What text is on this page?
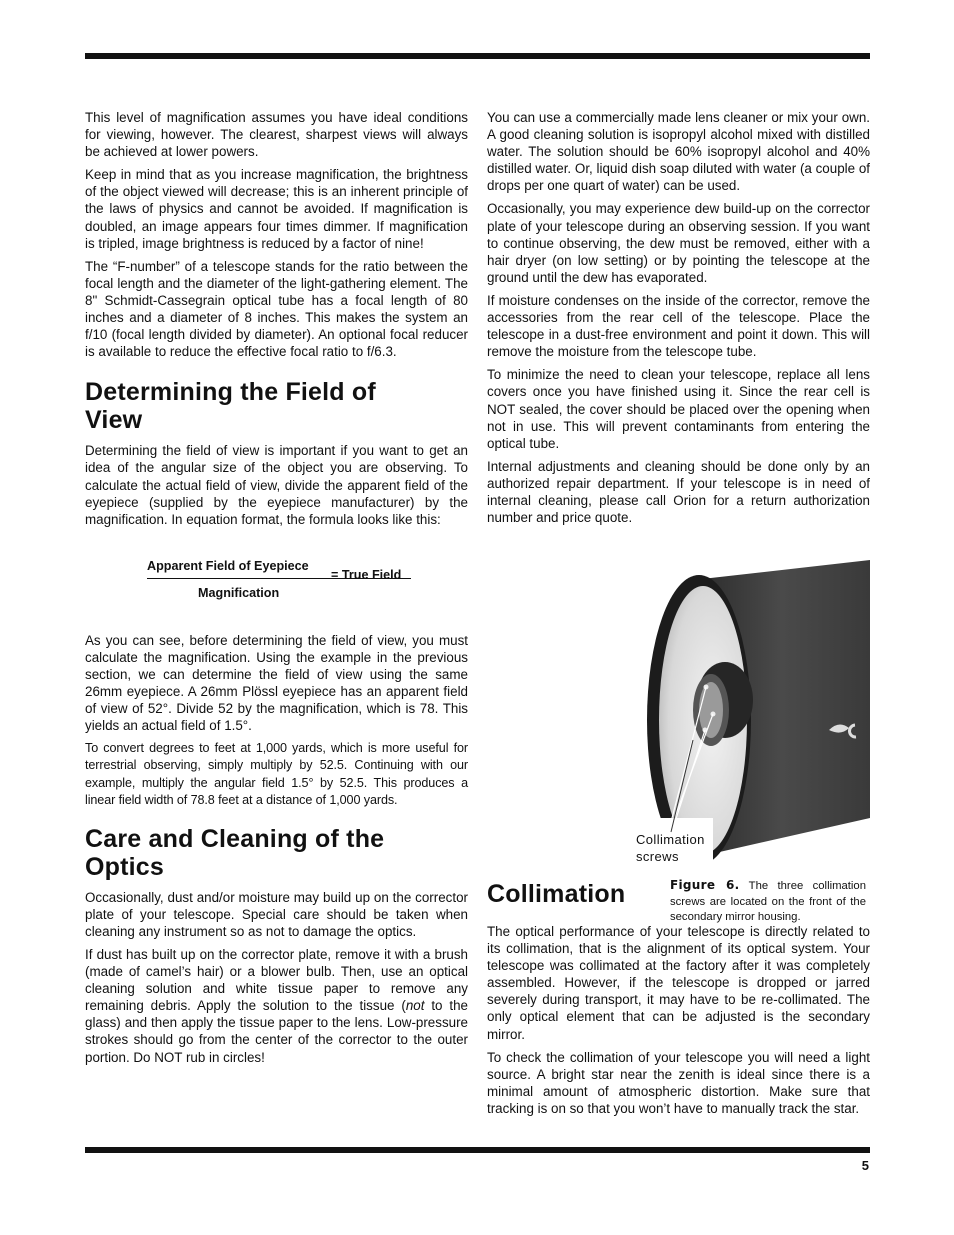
This level of magnification assumes you have ideal conditions for viewing, however. The clearest, sharpest views will always be achieved at lower powers.

Keep in mind that as you increase magnification, the brightness of the object viewed will decrease; this is an inherent principle of the laws of physics and cannot be avoided. If magnification is doubled, an image appears four times dimmer. If magnification is tripled, image brightness is reduced by a factor of nine!

The “F-number” of a telescope stands for the ratio between the focal length and the diameter of the light-gathering element. The 8" Schmidt-Cassegrain optical tube has a focal length of 80 inches and a diameter of 8 inches. This makes the system an f/10 (focal length divided by diameter). An optional focal reducer is available to reduce the effective focal ratio to f/6.3.

Determining the Field of View

Determining the field of view is important if you want to get an idea of the angular size of the object you are observing. To calculate the actual field of view, divide the apparent field of the eyepiece (supplied by the eyepiece manufacturer) by the magnification. In equation format, the formula looks like this:

Apparent Field of Eyepiece
Magnification
= True Field

As you can see, before determining the field of view, you must calculate the magnification. Using the example in the previous section, we can determine the field of view using the same 26mm eyepiece. A 26mm Plössl eyepiece has an apparent field of view of 52°. Divide 52 by the magnification, which is 78. This yields an actual field of 1.5°.

To convert degrees to feet at 1,000 yards, which is more useful for terrestrial observing, simply multiply by 52.5. Continuing with our example, multiply the angular field 1.5° by 52.5. This produces a linear field width of 78.8 feet at a distance of 1,000 yards.

Care and Cleaning of the Optics

Occasionally, dust and/or moisture may build up on the corrector plate of your telescope. Special care should be taken when cleaning any instrument so as not to damage the optics.

If dust has built up on the corrector plate, remove it with a brush (made of camel’s hair) or a blower bulb. Then, use an optical cleaning solution and white tissue paper to remove any remaining debris. Apply the solution to the tissue (not to the glass) and then apply the tissue paper to the lens. Low-pressure strokes should go from the center of the corrector to the outer portion. Do NOT rub in circles!

You can use a commercially made lens cleaner or mix your own. A good cleaning solution is isopropyl alcohol mixed with distilled water. The solution should be 60% isopropyl alcohol and 40% distilled water. Or, liquid dish soap diluted with water (a couple of drops per one quart of water) can be used.

Occasionally, you may experience dew build-up on the corrector plate of your telescope during an observing session. If you want to continue observing, the dew must be removed, either with a hair dryer (on low setting) or by pointing the telescope at the ground until the dew has evaporated.

If moisture condenses on the inside of the corrector, remove the accessories from the rear cell of the telescope. Place the telescope in a dust-free environment and point it down. This will remove the moisture from the telescope tube.

To minimize the need to clean your telescope, replace all lens covers once you have finished using it. Since the rear cell is NOT sealed, the cover should be placed over the opening when not in use. This will prevent contaminants from entering the optical tube.

Internal adjustments and cleaning should be done only by an authorized repair department. If your telescope is in need of internal cleaning, please call Orion for a return authorization number and price quote.

Collimation
screws
Figure 6. The three collimation screws are located on the front of the secondary mirror housing.
Collimation

The optical performance of your telescope is directly related to its collimation, that is the alignment of its optical system. Your telescope was collimated at the factory after it was completely assembled. However, if the telescope is dropped or jarred severely during transport, it may have to be re-collimated. The only optical element that can be adjusted is the secondary mirror.

To check the collimation of your telescope you will need a light source. A bright star near the zenith is ideal since there is a minimal amount of atmospheric distortion. Make sure that tracking is on so that you won’t have to manually track the star.

5
